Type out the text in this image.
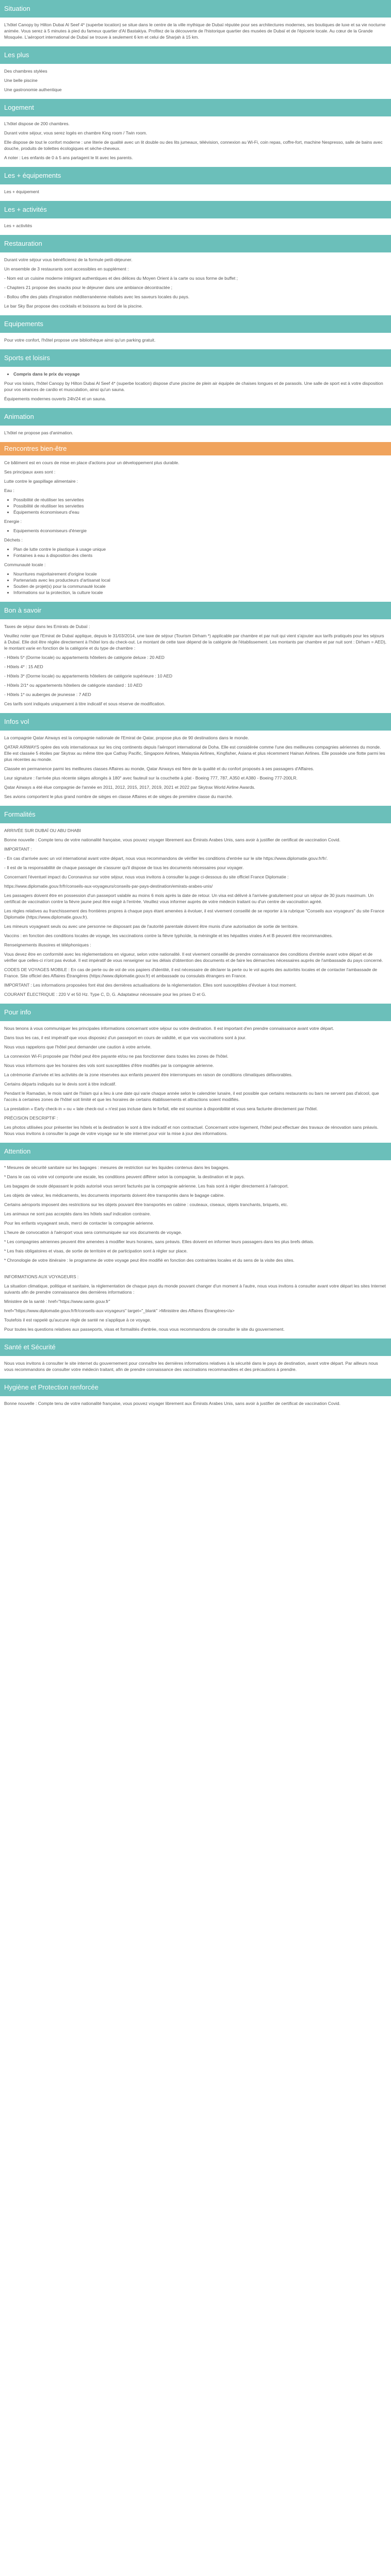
Situation

L'hôtel Canopy by Hilton Dubai Al Seef 4* (superbe location) se situe dans le centre de la ville mythique de Dubaï réputée pour ses architectures modernes, ses boutiques de luxe et sa vie nocturne animée. Vous serez à 5 minutes à pied du fameux quartier d'Al Bastakiya. Profitez de la découverte de l'historique quartier des musées de Dubaï et de l'épicerie locale. Au cœur de la Grande Mosquée. L'aéroport international de Dubaï se trouve à seulement 6 km et celui de Sharjah à 15 km.

Les plus

Des chambres stylées

Une belle piscine

Une gastronomie authentique

Logement

L'hôtel dispose de 200 chambres.

Durant votre séjour, vous serez logés en chambre King room / Twin room.

Elle dispose de tout le confort moderne : une literie de qualité avec un lit double ou des lits jumeaux, télévision, connexion au Wi-Fi, coin repas, coffre-fort, machine Nespresso, salle de bains avec douche, produits de toilettes écologiques et sèche-cheveux.

A noter : Les enfants de 0 à 5 ans partagent le lit avec les parents.

Les + équipements

Les + équipement

Les + activités

Les + activités

Restauration

Durant votre séjour vous bénéficierez de la formule petit-déjeuner.

Un ensemble de 3 restaurants sont accessibles en supplément :

- Nom est un cuisine moderne intégrant authentiques et des délices du Moyen Orient à la carte ou sous forme de buffet ;

- Chapters 21 propose des snacks pour le déjeuner dans une ambiance décontractée ;

- Bollou offre des plats d'inspiration méditerranéenne réalisés avec les saveurs locales du pays.

Le bar Sky Bar propose des cocktails et boissons au bord de la piscine.

Equipements

Pour votre confort, l'hôtel propose une bibliothèque ainsi qu'un parking gratuit.

Sports et loisirs
• Compris dans le prix du voyage

Pour vos loisirs, l'hôtel Canopy by Hilton Dubai Al Seef 4* (superbe location) dispose d'une piscine de plein air équipée de chaises longues et de parasols. Une salle de sport est à votre disposition pour vos séances de cardio et musculation, ainsi qu'un sauna.

Équipements modernes ouverts 24h/24 et un sauna.

Animation

L'hôtel ne propose pas d'animation.

Rencontres bien-être

Ce bâtiment est en cours de mise en place d'actions pour un développement plus durable.

Ses principaux axes sont :

Lutte contre le gaspillage alimentaire :

Eau :

• Possibilité de réutiliser les serviettes
• Possibilité de réutiliser les serviettes
• Équipements économiseurs d'eau

Energie :

• Equipements économiseurs d'énergie

Déchets :

• Plan de lutte contre le plastique à usage unique
• Fontaines à eau à disposition des clients

Communauté locale :

• Nourritures majoritairement d'origine locale
• Partenariats avec les producteurs d'artisanat local
• Soutien de projet(s) pour la communauté locale
• Informations sur la protection, la culture locale
Bon à savoir

Taxes de séjour dans les Emirats de Dubaï :

Veuillez noter que l'Emirat de Dubaï applique, depuis le 31/03/2014, une taxe de séjour (Tourism Dirham *) applicable par chambre et par nuit qui vient s'ajouter aux tarifs pratiqués pour les séjours à Dubaï. Elle doit être réglée directement à l'hôtel lors du check-out. Le montant de cette taxe dépend de la catégorie de l'établissement. Les montants par chambre et par nuit sont : Dirham = AED), le montant varie en fonction de la catégorie et du type de chambre :

- Hôtels 5* (Dorme locale) ou appartements hôteliers de catégorie deluxe : 20 AED

- Hôtels 4* : 15 AED

- Hôtels 3* (Dorme locale) ou appartements hôteliers de catégorie supérieure : 10 AED

- Hôtels 2/1* ou appartements hôteliers de catégorie standard : 10 AED

- Hôtels 1* ou auberges de jeunesse : 7 AED

Ces tarifs sont indiqués uniquement à titre indicatif et sous réserve de modification.

Infos vol

La compagnie Qatar Airways est la compagnie nationale de l'Emirat de Qatar, propose plus de 90 destinations dans le monde.

QATAR AIRWAYS opère des vols internationaux sur les cinq continents depuis l'aéroport international de Doha. Elle est considérée comme l'une des meilleures compagnies aériennes du monde. Elle est classée 5 étoiles par Skytrax au même titre que Cathay Pacific, Singapore Airlines, Malaysia Airlines, Kingfisher, Asiana et plus récemment Hainan Airlines. Elle possède une flotte parmi les plus récentes au monde.

Classée en permanence parmi les meilleures classes Affaires au monde, Qatar Airways est fière de la qualité et du confort proposés à ses passagers d'Affaires.

Leur signature : l'arrivée plus récente sièges allongés à 180° avec fauteuil sur la couchette à plat - Boeing 777, 787, A350 et A380 - Boeing 777-200LR.

Qatar Airways a été élue compagnie de l'année en 2011, 2012, 2015, 2017, 2019, 2021 et 2022 par Skytrax World Airline Awards.

Ses avions comportent le plus grand nombre de sièges en classe Affaires et de sièges de première classe du marché.

Formalités

ARRIVÉE SUR DUBAÏ OU ABU DHABI

Bonne nouvelle : Compte tenu de votre nationalité française, vous pouvez voyager librement aux Émirats Arabes Unis, sans avoir à justifier de certificat de vaccination Covid.

IMPORTANT :

- En cas d'arrivée avec un vol international avant votre départ, nous vous recommandons de vérifier les conditions d'entrée sur le site https://www.diplomatie.gouv.fr/fr/.

- Il est de la responsabilité de chaque passager de s'assurer qu'il dispose de tous les documents nécessaires pour voyager.

Concernant l'éventuel impact du Coronavirus sur votre séjour, nous vous invitons à consulter la page ci-dessous du site officiel France Diplomatie :

https://www.diplomatie.gouv.fr/fr/conseils-aux-voyageurs/conseils-par-pays-destination/emirats-arabes-unis/

Les passagers doivent être en possession d'un passeport valable au moins 6 mois après la date de retour. Un visa est délivré à l'arrivée gratuitement pour un séjour de 30 jours maximum. Un certificat de vaccination contre la fièvre jaune peut être exigé à l'entrée. Veuillez vous informer auprès de votre médecin traitant ou d'un centre de vaccination agréé.

Les règles relatives au franchissement des frontières propres à chaque pays étant amenées à évoluer, il est vivement conseillé de se reporter à la rubrique "Conseils aux voyageurs" du site France Diplomatie (https://www.diplomatie.gouv.fr).

Les mineurs voyageant seuls ou avec une personne ne disposant pas de l'autorité parentale doivent être munis d'une autorisation de sortie de territoire.

Vaccins : en fonction des conditions locales de voyage, les vaccinations contre la fièvre typhoïde, la méningite et les hépatites virales A et B peuvent être recommandées.

Renseignements illusoires et téléphoniques :

Vous devez être en conformité avec les réglementations en vigueur, selon votre nationalité. Il est vivement conseillé de prendre connaissance des conditions d'entrée avant votre départ et de vérifier que celles-ci n'ont pas évolué. Il est impératif de vous renseigner sur les délais d'obtention des documents et de faire les démarches nécessaires auprès de l'ambassade du pays concerné.

CODES DE VOYAGES MOBILE : En cas de perte ou de vol de vos papiers d'identité, il est nécessaire de déclarer la perte ou le vol auprès des autorités locales et de contacter l'ambassade de France. Site officiel des Affaires Étrangères (https://www.diplomatie.gouv.fr) et ambassade ou consulats étrangers en France.

IMPORTANT : Les informations proposées font état des dernières actualisations de la réglementation. Elles sont susceptibles d'évoluer à tout moment.

COURANT ÉLECTRIQUE : 220 V et 50 Hz. Type C, D, G. Adaptateur nécessaire pour les prises D et G.

Pour info

Nous tenons à vous communiquer les principales informations concernant votre séjour ou votre destination. Il est important d'en prendre connaissance avant votre départ.

Dans tous les cas, il est impératif que vous disposiez d'un passeport en cours de validité, et que vos vaccinations sont à jour.

Nous vous rappelons que l'hôtel peut demander une caution à votre arrivée.

La connexion Wi-Fi proposée par l'hôtel peut être payante et/ou ne pas fonctionner dans toutes les zones de l'hôtel.

Nous vous informons que les horaires des vols sont susceptibles d'être modifiés par la compagnie aérienne.

La cérémonie d'arrivée et les activités de la zone réservées aux enfants peuvent être interrompues en raison de conditions climatiques défavorables.

Certains départs indiqués sur le devis sont à titre indicatif.

Pendant le Ramadan, le mois saint de l'Islam qui a lieu à une date qui varie chaque année selon le calendrier lunaire, il est possible que certains restaurants ou bars ne servent pas d'alcool, que l'accès à certaines zones de l'hôtel soit limité et que les horaires de certains établissements et attractions soient modifiés.

La prestation « Early check-in » ou « late check-out » n'est pas incluse dans le forfait, elle est soumise à disponibilité et vous sera facturée directement par l'hôtel.

PRÉCISION DESCRIPTIF :

Les photos utilisées pour présenter les hôtels et la destination le sont à titre indicatif et non contractuel. Concernant votre logement, l'hôtel peut effectuer des travaux de rénovation sans préavis. Nous vous invitons à consulter la page de votre voyage sur le site internet pour voir la mise à jour des informations.

Attention

* Mesures de sécurité sanitaire sur les bagages : mesures de restriction sur les liquides contenus dans les bagages.

* Dans le cas où votre vol comporte une escale, les conditions peuvent différer selon la compagnie, la destination et le pays.

Les bagages de soute dépassant le poids autorisé vous seront facturés par la compagnie aérienne. Les frais sont à régler directement à l'aéroport.

Les objets de valeur, les médicaments, les documents importants doivent être transportés dans le bagage cabine.

Certains aéroports imposent des restrictions sur les objets pouvant être transportés en cabine : couteaux, ciseaux, objets tranchants, briquets, etc.

Les animaux ne sont pas acceptés dans les hôtels sauf indication contraire.

Pour les enfants voyageant seuls, merci de contacter la compagnie aérienne.

L'heure de convocation à l'aéroport vous sera communiquée sur vos documents de voyage.

* Les compagnies aériennes peuvent être amenées à modifier leurs horaires, sans préavis. Elles doivent en informer leurs passagers dans les plus brefs délais.

* Les frais obligatoires et visas, de sortie de territoire et de participation sont à régler sur place.

* Chronologie de votre itinéraire : le programme de votre voyage peut être modifié en fonction des contraintes locales et du sens de la visite des sites.

INFORMATIONS AUX VOYAGEURS :

La situation climatique, politique et sanitaire, la réglementation de chaque pays du monde pouvant changer d'un moment à l'autre, nous vous invitons à consulter avant votre départ les sites Internet suivants afin de prendre connaissance des dernières informations :

Ministère de la santé : href="https://www.sante.gouv.fr"

href="https://www.diplomatie.gouv.fr/fr/conseils-aux-voyageurs" target="_blank" >Ministère des Affaires Étrangères</a>

Toutefois il est rappelé qu'aucune règle de santé ne s'applique à ce voyage.

Pour toutes les questions relatives aux passeports, visas et formalités d'entrée, nous vous recommandons de consulter le site du gouvernement.

Santé et Sécurité

Nous vous invitons à consulter le site internet du gouvernement pour connaître les dernières informations relatives à la sécurité dans le pays de destination, avant votre départ. Par ailleurs nous vous recommandons de consulter votre médecin traitant, afin de prendre connaissance des vaccinations recommandées et des précautions à prendre.

Hygiène et Protection renforcée

Bonne nouvelle : Compte tenu de votre nationalité française, vous pouvez voyager librement aux Émirats Arabes Unis, sans avoir à justifier de certificat de vaccination Covid.
